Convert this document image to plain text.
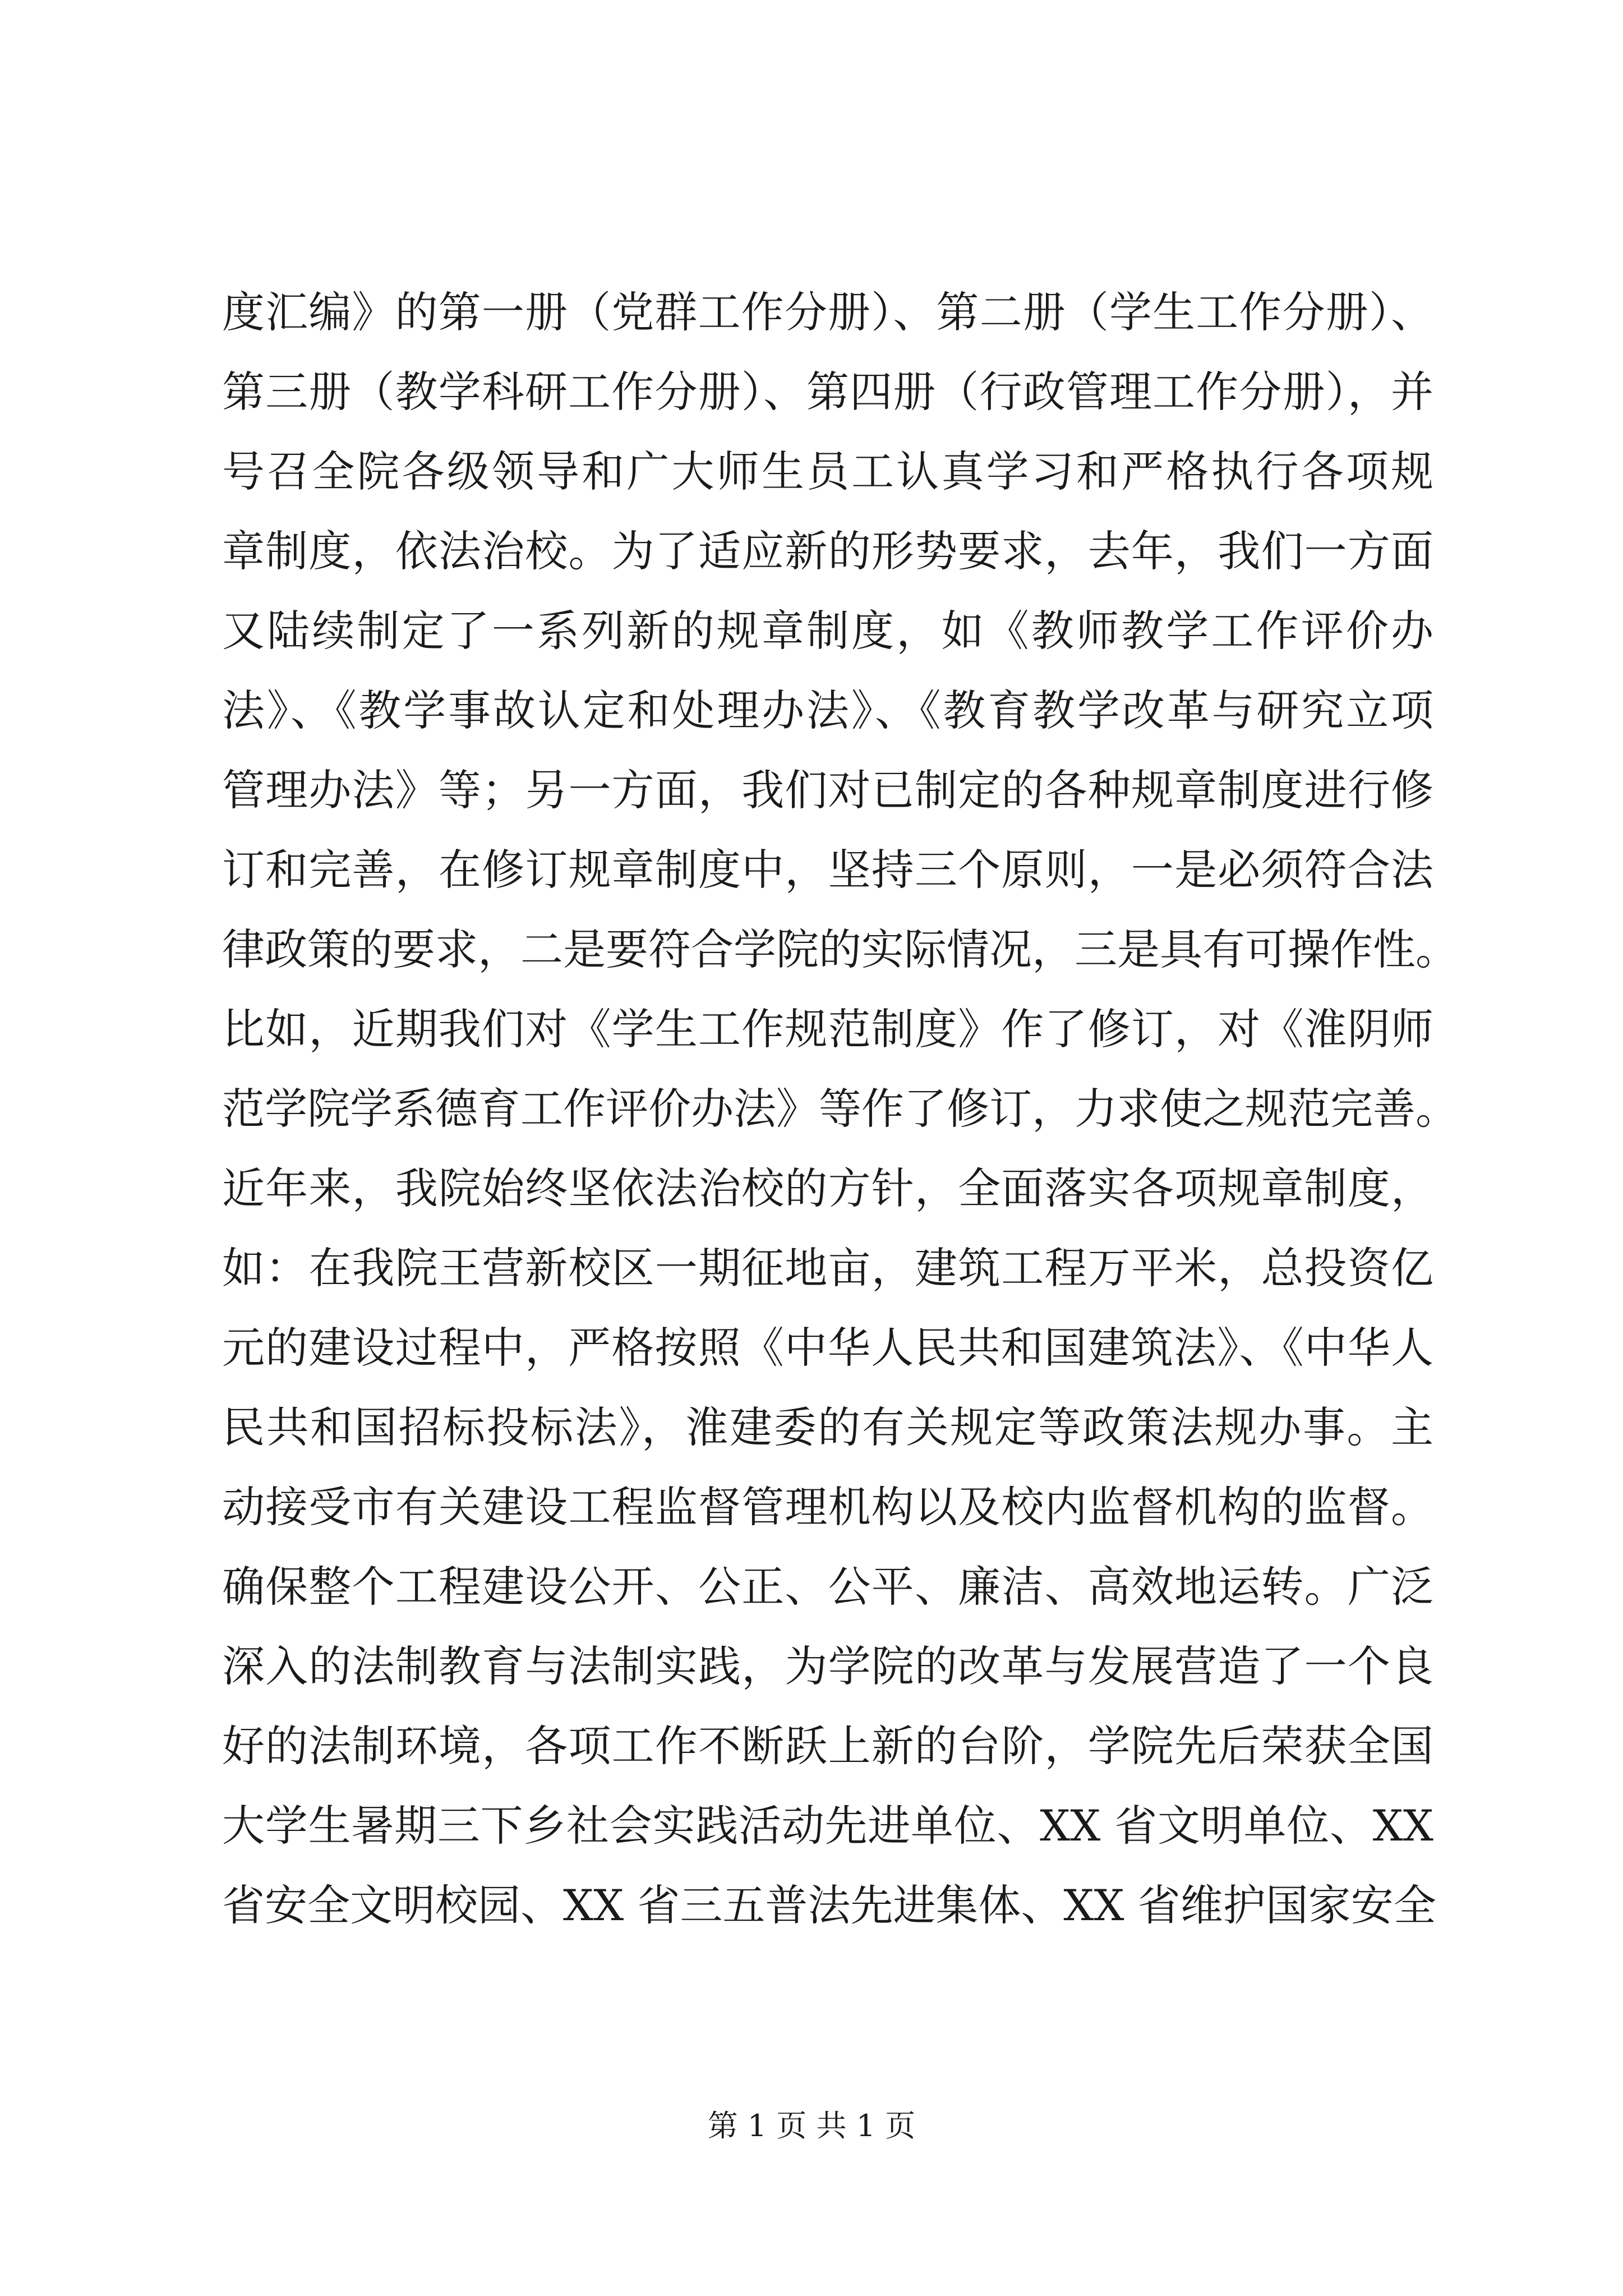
度汇编》的第一册（党群工作分册）、第二册（学生工作分册）、
第三册（教学科研工作分册）、第四册（行政管理工作分册），并
号召全院各级领导和广大师生员工认真学习和严格执行各项规
章制度，依法治校。为了适应新的形势要求，去年，我们一方面
又陆续制定了一系列新的规章制度，如《教师教学工作评价办
法》、《教学事故认定和处理办法》、《教育教学改革与研究立项
管理办法》等；另一方面，我们对已制定的各种规章制度进行修
订和完善，在修订规章制度中，坚持三个原则，一是必须符合法
律政策的要求，二是要符合学院的实际情况，三是具有可操作性。
比如，近期我们对《学生工作规范制度》作了修订，对《淮阴师
范学院学系德育工作评价办法》等作了修订，力求使之规范完善。
近年来，我院始终坚依法治校的方针，全面落实各项规章制度，
如：在我院王营新校区一期征地亩，建筑工程万平米，总投资亿
元的建设过程中，严格按照《中华人民共和国建筑法》、《中华人
民共和国招标投标法》，淮建委的有关规定等政策法规办事。主
动接受市有关建设工程监督管理机构以及校内监督机构的监督。
确保整个工程建设公开、公正、公平、廉洁、高效地运转。广泛
深入的法制教育与法制实践，为学院的改革与发展营造了一个良
好的法制环境，各项工作不断跃上新的台阶，学院先后荣获全国
大学生暑期三下乡社会实践活动先进单位、XX 省文明单位、XX
省安全文明校园、XX 省三五普法先进集体、XX 省维护国家安全
第 1 页 共 1 页
